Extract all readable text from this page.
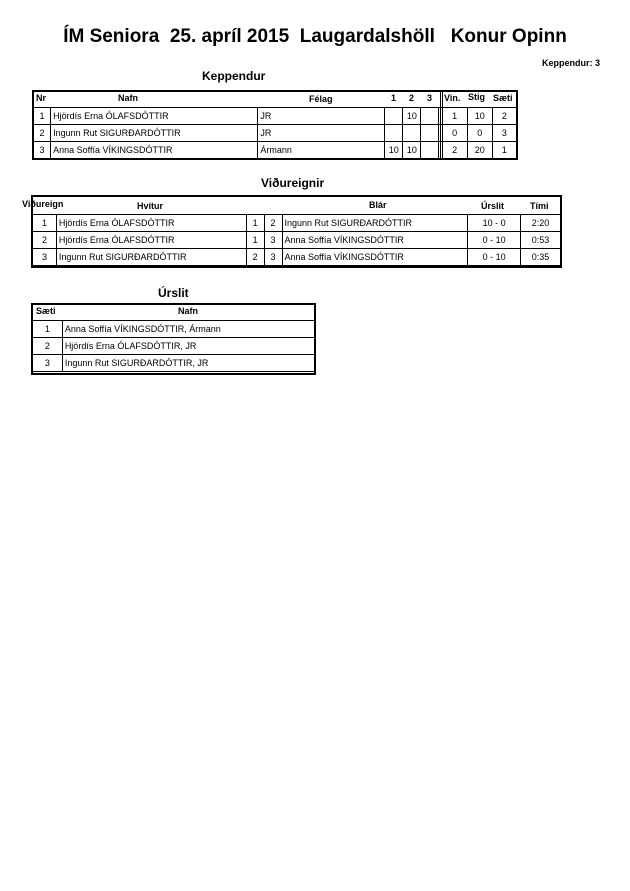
ÍM Seniora  25. apríl 2015  Laugardalshöll   Konur Opinn
Keppendur: 3
Keppendur
Nr	Nafn	Félag	1 2 3 Vin. Stig Sæti
1	Hjördís Erna ÓLAFSDÓTTIR	JR		10			1	10	2
2	Ingunn Rut SIGURÐARDÓTTIR	JR					0	0	3
3	Anna Soffía VÍKINGSDÓTTIR	Ármann	10	10			2	20	1
Viðureignir
Viðureign	Hvítur	Blár	Úrslit	Tími
1	Hjördís Erna ÓLAFSDÓTTIR	1	2	Ingunn Rut SIGURÐARDÓTTIR	10 - 0	2:20
2	Hjördís Erna ÓLAFSDÓTTIR	1	3	Anna Soffía VÍKINGSDÓTTIR	0 - 10	0:53
3	Ingunn Rut SIGURÐARDÓTTIR	2	3	Anna Soffía VÍKINGSDÓTTIR	0 - 10	0:35
Úrslit
Sæti	Nafn
1	Anna Soffía VÍKINGSDÓTTIR, Ármann
2	Hjördís Erna ÓLAFSDÓTTIR, JR
3	Ingunn Rut SIGURÐARDÓTTIR, JR
